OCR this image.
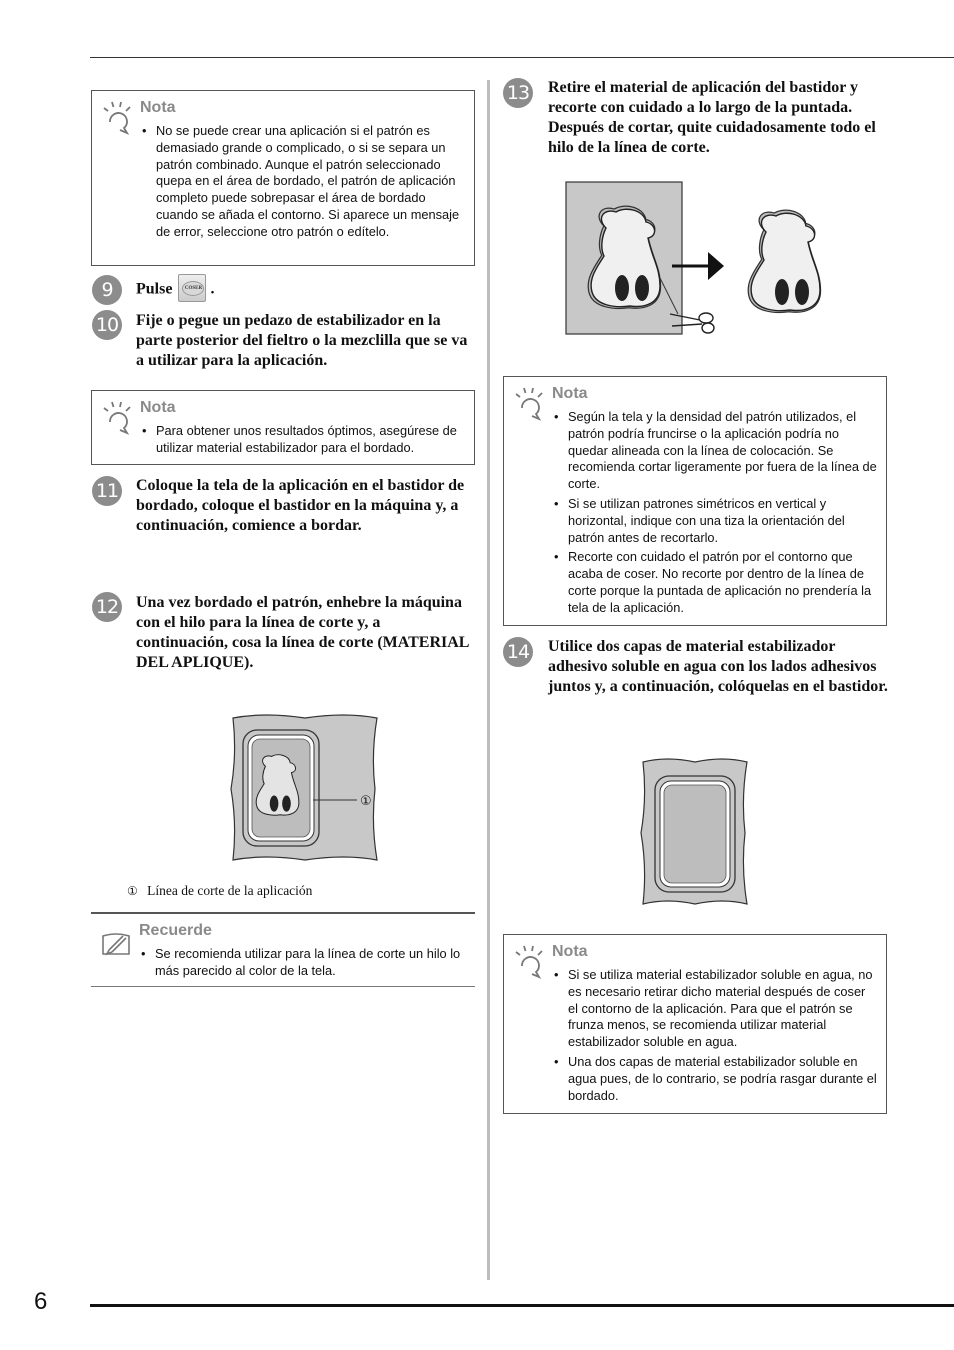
6
Nota
• No se puede crear una aplicación si el patrón es demasiado grande o complicado, o si se separa un patrón combinado. Aunque el patrón seleccionado quepa en el área de bordado, el patrón de aplicación completo puede sobrepasar el área de bordado cuando se añada el contorno. Si aparece un mensaje de error, seleccione otro patrón o edítelo.
9	Pulse	COSER .
10 Fije o pegue un pedazo de estabilizador en la parte posterior del fieltro o la mezclilla que se va a utilizar para la aplicación.
Nota
• Para obtener unos resultados óptimos, asegúrese de utilizar material estabilizador para el bordado.
11 Coloque la tela de la aplicación en el bastidor de bordado, coloque el bastidor en la máquina y, a continuación, comience a bordar.
12 Una vez bordado el patrón, enhebre la máquina con el hilo para la línea de corte y, a continuación, cosa la línea de corte (MATERIAL DEL APLIQUE).
①
① Línea de corte de la aplicación
Recuerde
• Se recomienda utilizar para la línea de corte un hilo lo más parecido al color de la tela.
13 Retire el material de aplicación del bastidor y recorte con cuidado a lo largo de la puntada. Después de cortar, quite cuidadosamente todo el hilo de la línea de corte.
Nota
• Según la tela y la densidad del patrón utilizados, el patrón podría fruncirse o la aplicación podría no quedar alineada con la línea de colocación. Se recomienda cortar ligeramente por fuera de la línea de corte.
• Si se utilizan patrones simétricos en vertical y horizontal, indique con una tiza la orientación del patrón antes de recortarlo.
• Recorte con cuidado el patrón por el contorno que acaba de coser. No recorte por dentro de la línea de corte porque la puntada de aplicación no prendería la tela de la aplicación.
14 Utilice dos capas de material estabilizador adhesivo soluble en agua con los lados adhesivos juntos y, a continuación, colóquelas en el bastidor.
Nota
• Si se utiliza material estabilizador soluble en agua, no es necesario retirar dicho material después de coser el contorno de la aplicación. Para que el patrón se frunza menos, se recomienda utilizar material estabilizador soluble en agua.
• Una dos capas de material estabilizador soluble en agua pues, de lo contrario, se podría rasgar durante el bordado.
